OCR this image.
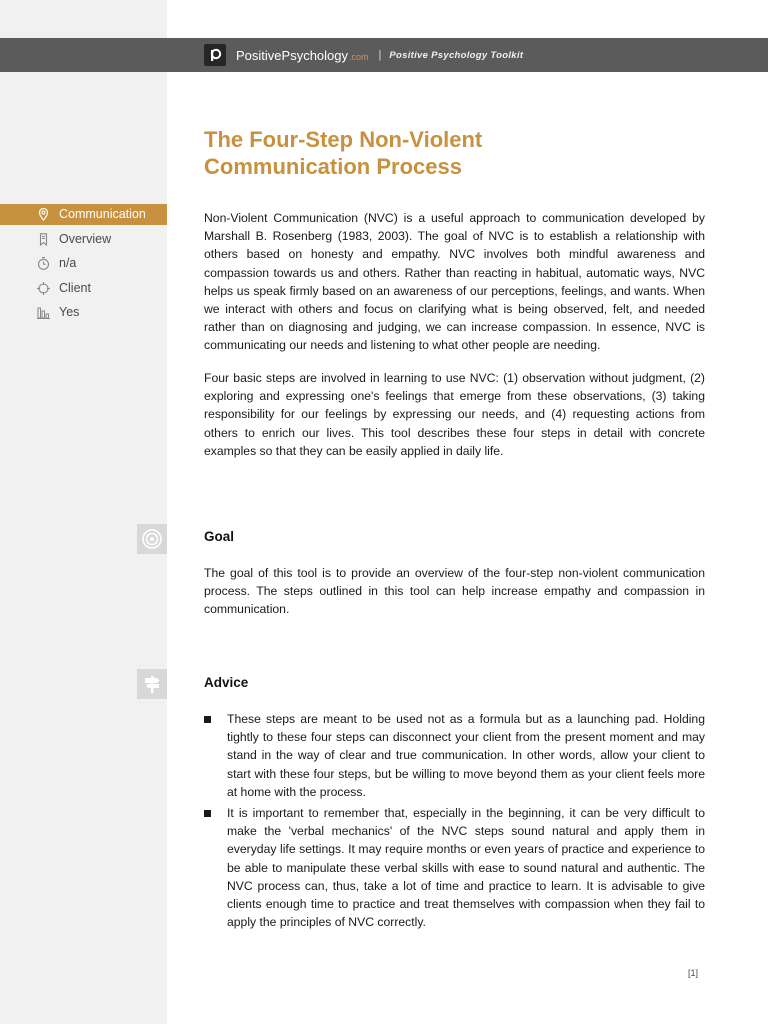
PositivePsychology .com | Positive Psychology Toolkit
The Four-Step Non-Violent Communication Process
Communication
Overview
n/a
Client
Yes

Non-Violent Communication (NVC) is a useful approach to communication developed by Marshall B. Rosenberg (1983, 2003). The goal of NVC is to establish a relationship with others based on honesty and empathy. NVC involves both mindful awareness and compassion towards us and others. Rather than reacting in habitual, automatic ways, NVC helps us speak firmly based on an awareness of our perceptions, feelings, and wants. When we interact with others and focus on clarifying what is being observed, felt, and needed rather than on diagnosing and judging, we can increase compassion. In essence, NVC is communicating our needs and listening to what other people are needing.

Four basic steps are involved in learning to use NVC: (1) observation without judgment, (2) exploring and expressing one's feelings that emerge from these observations, (3) taking responsibility for our feelings by expressing our needs, and (4) requesting actions from others to enrich our lives. This tool describes these four steps in detail with concrete examples so that they can be easily applied in daily life.

Goal

The goal of this tool is to provide an overview of the four-step non-violent communication process. The steps outlined in this tool can help increase empathy and compassion in communication.

Advice
These steps are meant to be used not as a formula but as a launching pad. Holding tightly to these four steps can disconnect your client from the present moment and may stand in the way of clear and true communication. In other words, allow your client to start with these four steps, but be willing to move beyond them as your client feels more at home with the process.
It is important to remember that, especially in the beginning, it can be very difficult to make the 'verbal mechanics' of the NVC steps sound natural and apply them in everyday life settings. It may require months or even years of practice and experience to be able to manipulate these verbal skills with ease to sound natural and authentic. The NVC process can, thus, take a lot of time and practice to learn. It is advisable to give clients enough time to practice and treat themselves with compassion when they fail to apply the principles of NVC correctly.
[1]
